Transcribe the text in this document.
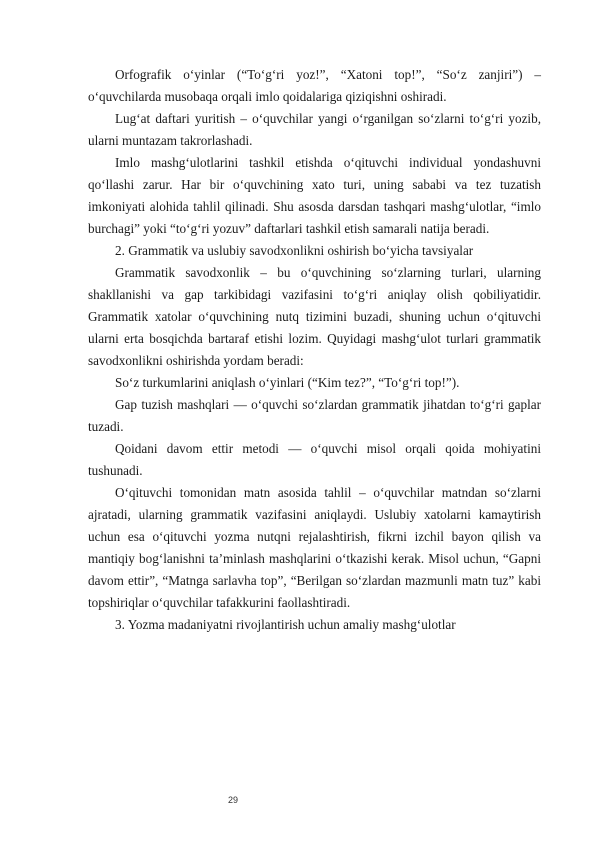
Orfografik o‘yinlar (“To‘g‘ri yoz!”, “Xatoni top!”, “So‘z zanjiri”) – o‘quvchilarda musobaqa orqali imlo qoidalariga qiziqishni oshiradi.

Lug‘at daftari yuritish – o‘quvchilar yangi o‘rganilgan so‘zlarni to‘g‘ri yozib, ularni muntazam takrorlashadi.

Imlo mashg‘ulotlarini tashkil etishda o‘qituvchi individual yondashuvni qo‘llashi zarur. Har bir o‘quvchining xato turi, uning sababi va tez tuzatish imkoniyati alohida tahlil qilinadi. Shu asosda darsdan tashqari mashg‘ulotlar, “imlo burchagi” yoki “to‘g‘ri yozuv” daftarlari tashkil etish samarali natija beradi.

2. Grammatik va uslubiy savodxonlikni oshirish bo‘yicha tavsiyalar

Grammatik savodxonlik – bu o‘quvchining so‘zlarning turlari, ularning shakllanishi va gap tarkibidagi vazifasini to‘g‘ri aniqlay olish qobiliyatidir. Grammatik xatolar o‘quvchining nutq tizimini buzadi, shuning uchun o‘qituvchi ularni erta bosqichda bartaraf etishi lozim. Quyidagi mashg‘ulot turlari grammatik savodxonlikni oshirishda yordam beradi:

So‘z turkumlarini aniqlash o‘yinlari (“Kim tez?”, “To‘g‘ri top!”).

Gap tuzish mashqlari — o‘quvchi so‘zlardan grammatik jihatdan to‘g‘ri gaplar tuzadi.

Qoidani davom ettir metodi — o‘quvchi misol orqali qoida mohiyatini tushunadi.

O‘qituvchi tomonidan matn asosida tahlil – o‘quvchilar matndan so‘zlarni ajratadi, ularning grammatik vazifasini aniqlaydi. Uslubiy xatolarni kamaytirish uchun esa o‘qituvchi yozma nutqni rejalashtirish, fikrni izchil bayon qilish va mantiqiy bog‘lanishni ta’minlash mashqlarini o‘tkazishi kerak. Misol uchun, “Gapni davom ettir”, “Matnga sarlavha top”, “Berilgan so‘zlardan mazmunli matn tuz” kabi topshiriqlar o‘quvchilar tafakkurini faollashtiradi.

3. Yozma madaniyatni rivojlantirish uchun amaliy mashg‘ulotlar

29
